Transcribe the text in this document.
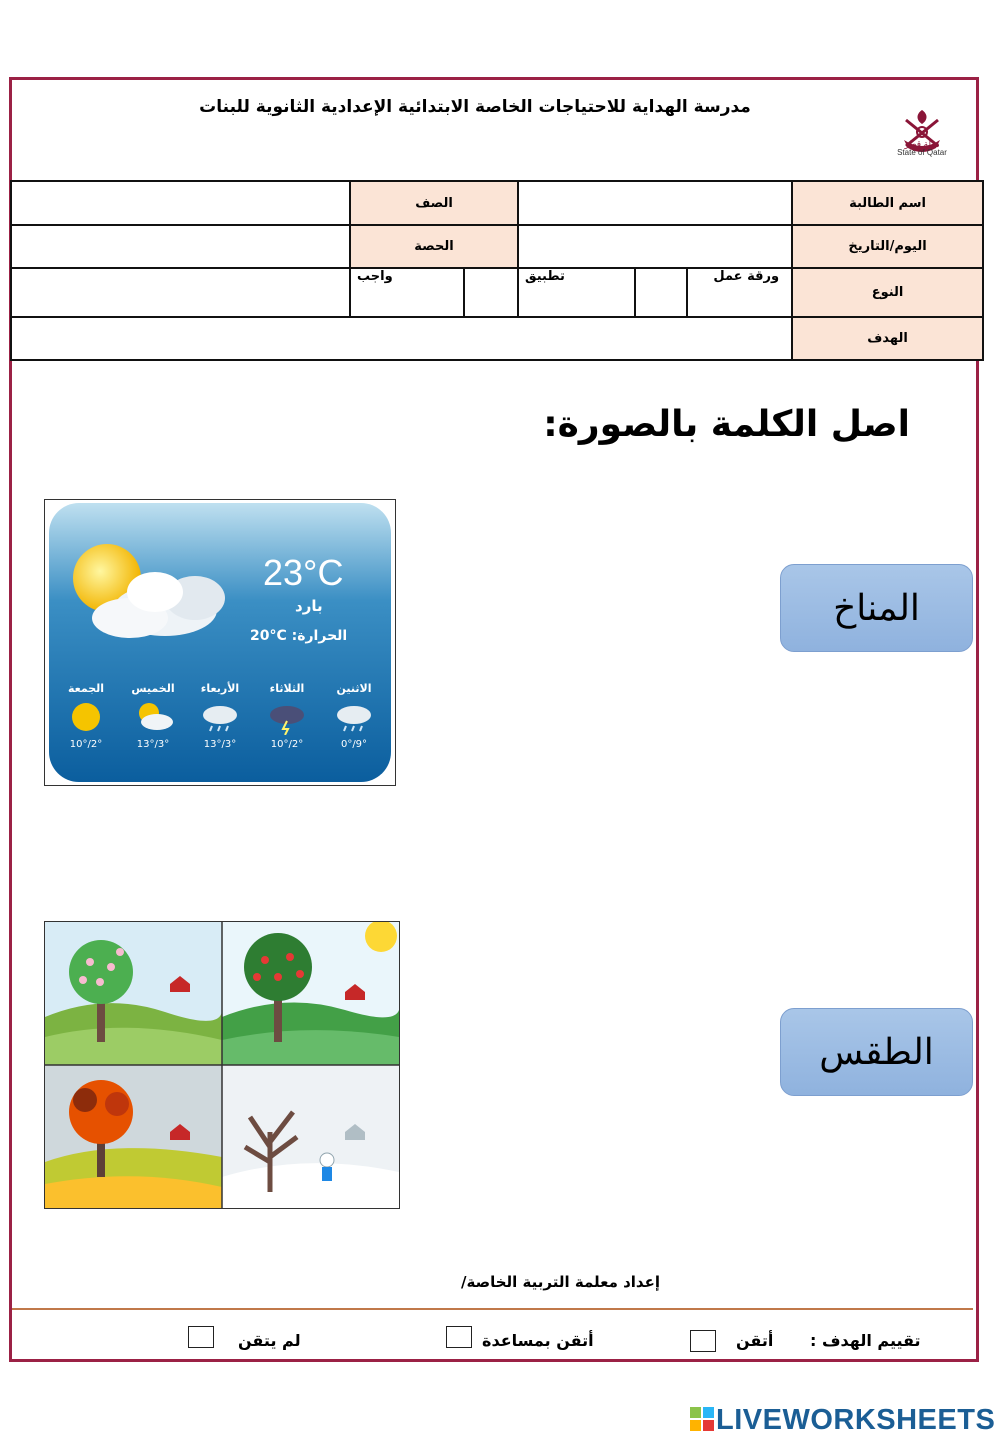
مدرسة الهداية للاحتياجات الخاصة الابتدائية الإعدادية الثانوية للبنات
دولة قطر
State of Qatar
اسم الطالبة				الصف		
اليوم/التاريخ				الحصة		
النوع	ورقة عمل		تطبيق		واجب	
الهدف						
اصل الكلمة بالصورة:
المناخ
الطقس
23°C
بارد
20°C :الحرارة
الجمعة
10°/2°
الخميس
13°/3°
الأربعاء
13°/3°
الثلاثاء
10°/2°
الاثنين
0°/9°
إعداد معلمة التربية الخاصة/
تقييم الهدف :
أتقن
أتقن بمساعدة
لم يتقن
LIVEWORKSHEETS
